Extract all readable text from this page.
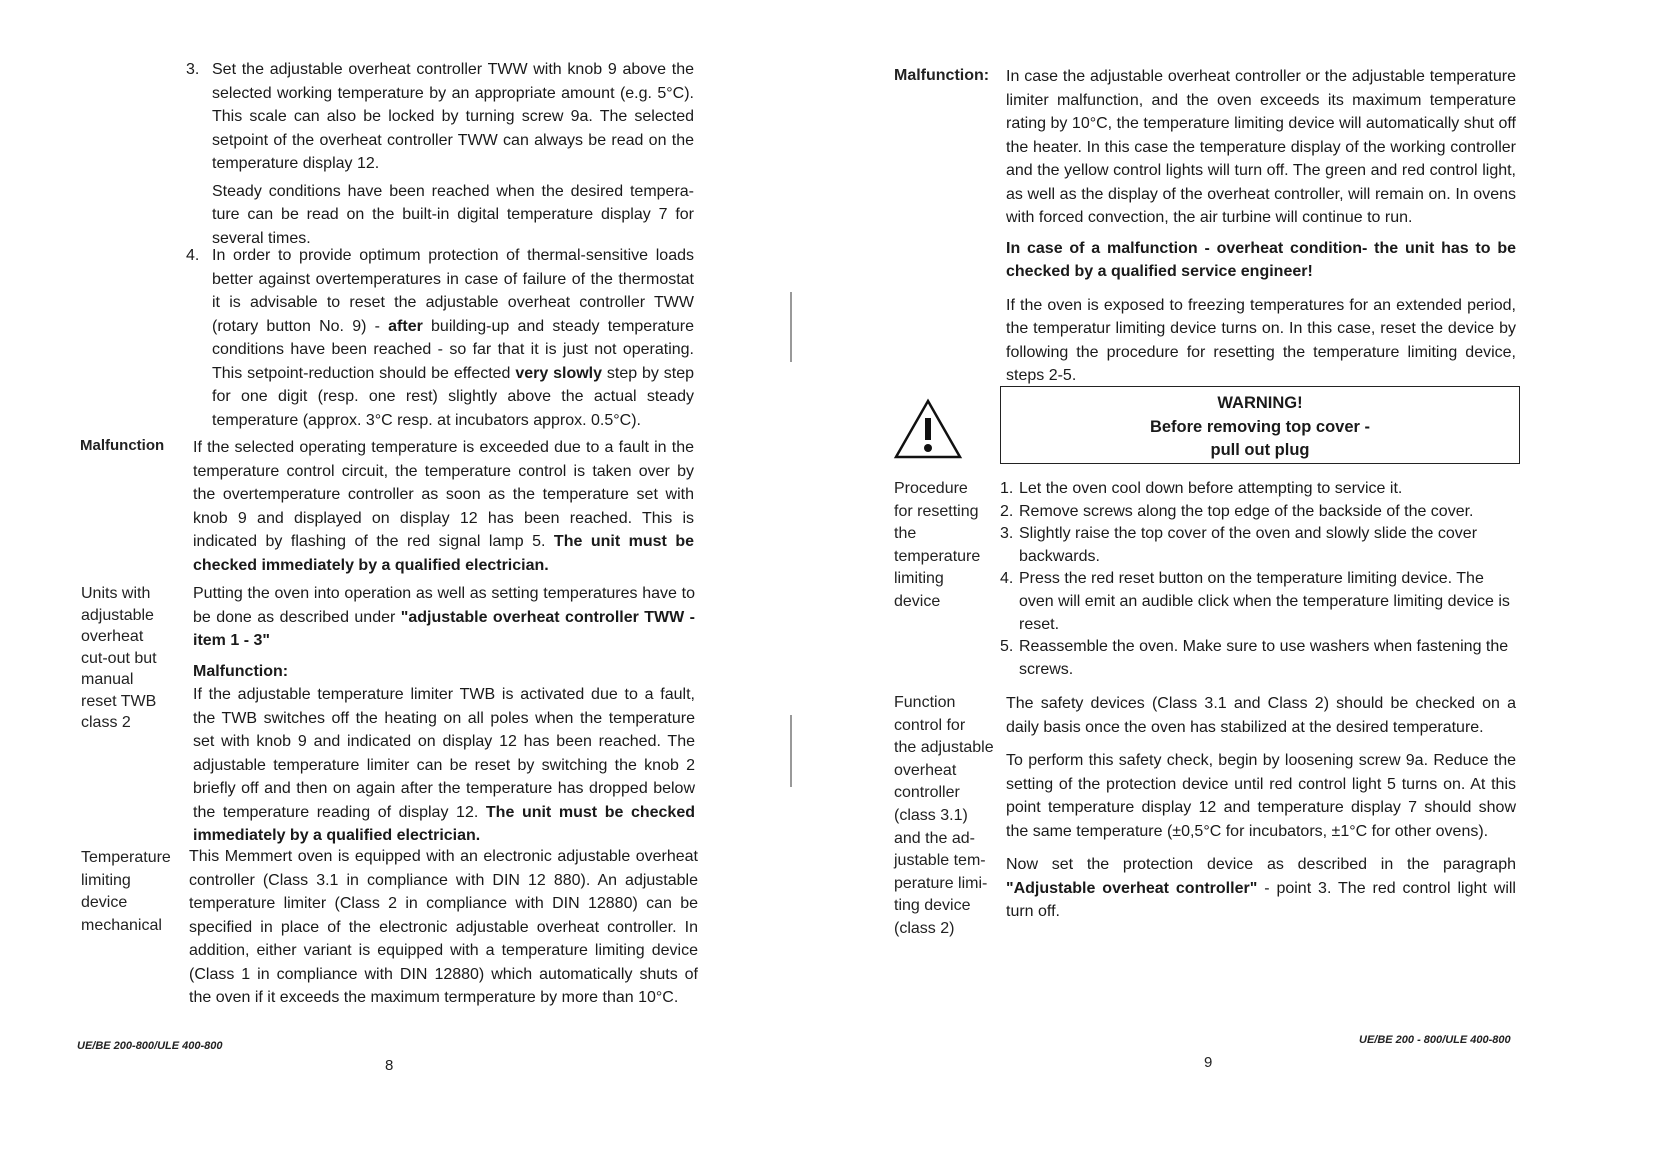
3. Set the adjustable overheat controller TWW with knob 9 above the selected working temperature by an appropriate amount (e.g. 5°C). This scale can also be locked by turning screw 9a. The selected setpoint of the overheat controller TWW can always be read on the temperature display 12.

Steady conditions have been reached when the desired tempera-ture can be read on the built-in digital temperature display 7 for several times.

4. In order to provide optimum protection of thermal-sensitive loads better against overtemperatures in case of failure of the thermostat it is advisable to reset the adjustable overheat controller TWW (rotary button No. 9) - after building-up and steady temperature conditions have been reached - so far that it is just not operating. This setpoint-reduction should be effected very slowly step by step for one digit (resp. one rest) slightly above the actual steady temperature (approx. 3°C resp. at incubators approx. 0.5°C).

Malfunction If the selected operating temperature is exceeded due to a fault in the temperature control circuit, the temperature control is taken over by the overtemperature controller as soon as the temperature set with knob 9 and displayed on display 12 has been reached. This is indicated by flashing of the red signal lamp 5. The unit must be checked immediately by a qualified electrician.

Units with
adjustable
overheat
cut-out but
manual
reset TWB
class 2

Putting the oven into operation as well as setting temperatures have to be done as described under "adjustable overheat controller TWW - item 1 - 3"

Malfunction:

If the adjustable temperature limiter TWB is activated due to a fault, the TWB switches off the heating on all poles when the temperature set with knob 9 and indicated on display 12 has been reached. The adjustable temperature limiter can be reset by switching the knob 2 briefly off and then on again after the temperature has dropped below the temperature reading of display 12. The unit must be checked immediately by a qualified electrician.

Temperature
limiting
device
mechanical

This Memmert oven is equipped with an electronic adjustable overheat controller (Class 3.1 in compliance with DIN 12 880). An adjustable temperature limiter (Class 2 in compliance with DIN 12880) can be specified in place of the electronic adjustable overheat controller. In addition, either variant is equipped with a temperature limiting device (Class 1 in compliance with DIN 12880) which automatically shuts of the oven if it exceeds the maximum termperature by more than 10°C.

UE/BE 200-800/ULE 400-800
8
Malfunction: In case the adjustable overheat controller or the adjustable temperature limiter malfunction, and the oven exceeds its maximum temperature rating by 10°C, the temperature limiting device will automatically shut off the heater. In this case the temperature display of the working controller and the yellow control lights will turn off. The green and red control light, as well as the display of the overheat controller, will remain on. In ovens with forced convection, the air turbine will continue to run.

In case of a malfunction - overheat condition- the unit has to be checked by a qualified service engineer!

If the oven is exposed to freezing temperatures for an extended period, the temperatur limiting device turns on. In this case, reset the device by following the procedure for resetting the temperature limiting device, steps 2-5.

WARNING!
Before removing top cover -
pull out plug
Procedure
for resetting
the
temperature
limiting
device
1. Let the oven cool down before attempting to service it.
2. Remove screws along the top edge of the backside of the cover.
3. Slightly raise the top cover of the oven and slowly slide the cover backwards.
4. Press the red reset button on the temperature limiting device. The oven will emit an audible click when the temperature limiting device is reset.
5. Reassemble the oven. Make sure to use washers when fastening the screws.
Function
control for
the adjustable
overheat
controller
(class 3.1)
and the ad-
justable tem-
perature limi-
ting device
(class 2)

The safety devices (Class 3.1 and Class 2) should be checked on a daily basis once the oven has stabilized at the desired temperature.

To perform this safety check, begin by loosening screw 9a. Reduce the setting of the protection device until red control light 5 turns on. At this point temperature display 12 and temperature display 7 should show the same temperature (±0,5°C for incubators, ±1°C for other ovens).

Now set the protection device as described in the paragraph "Adjustable overheat controller" - point 3. The red control light will turn off.

UE/BE 200 - 800/ULE 400-800
9
